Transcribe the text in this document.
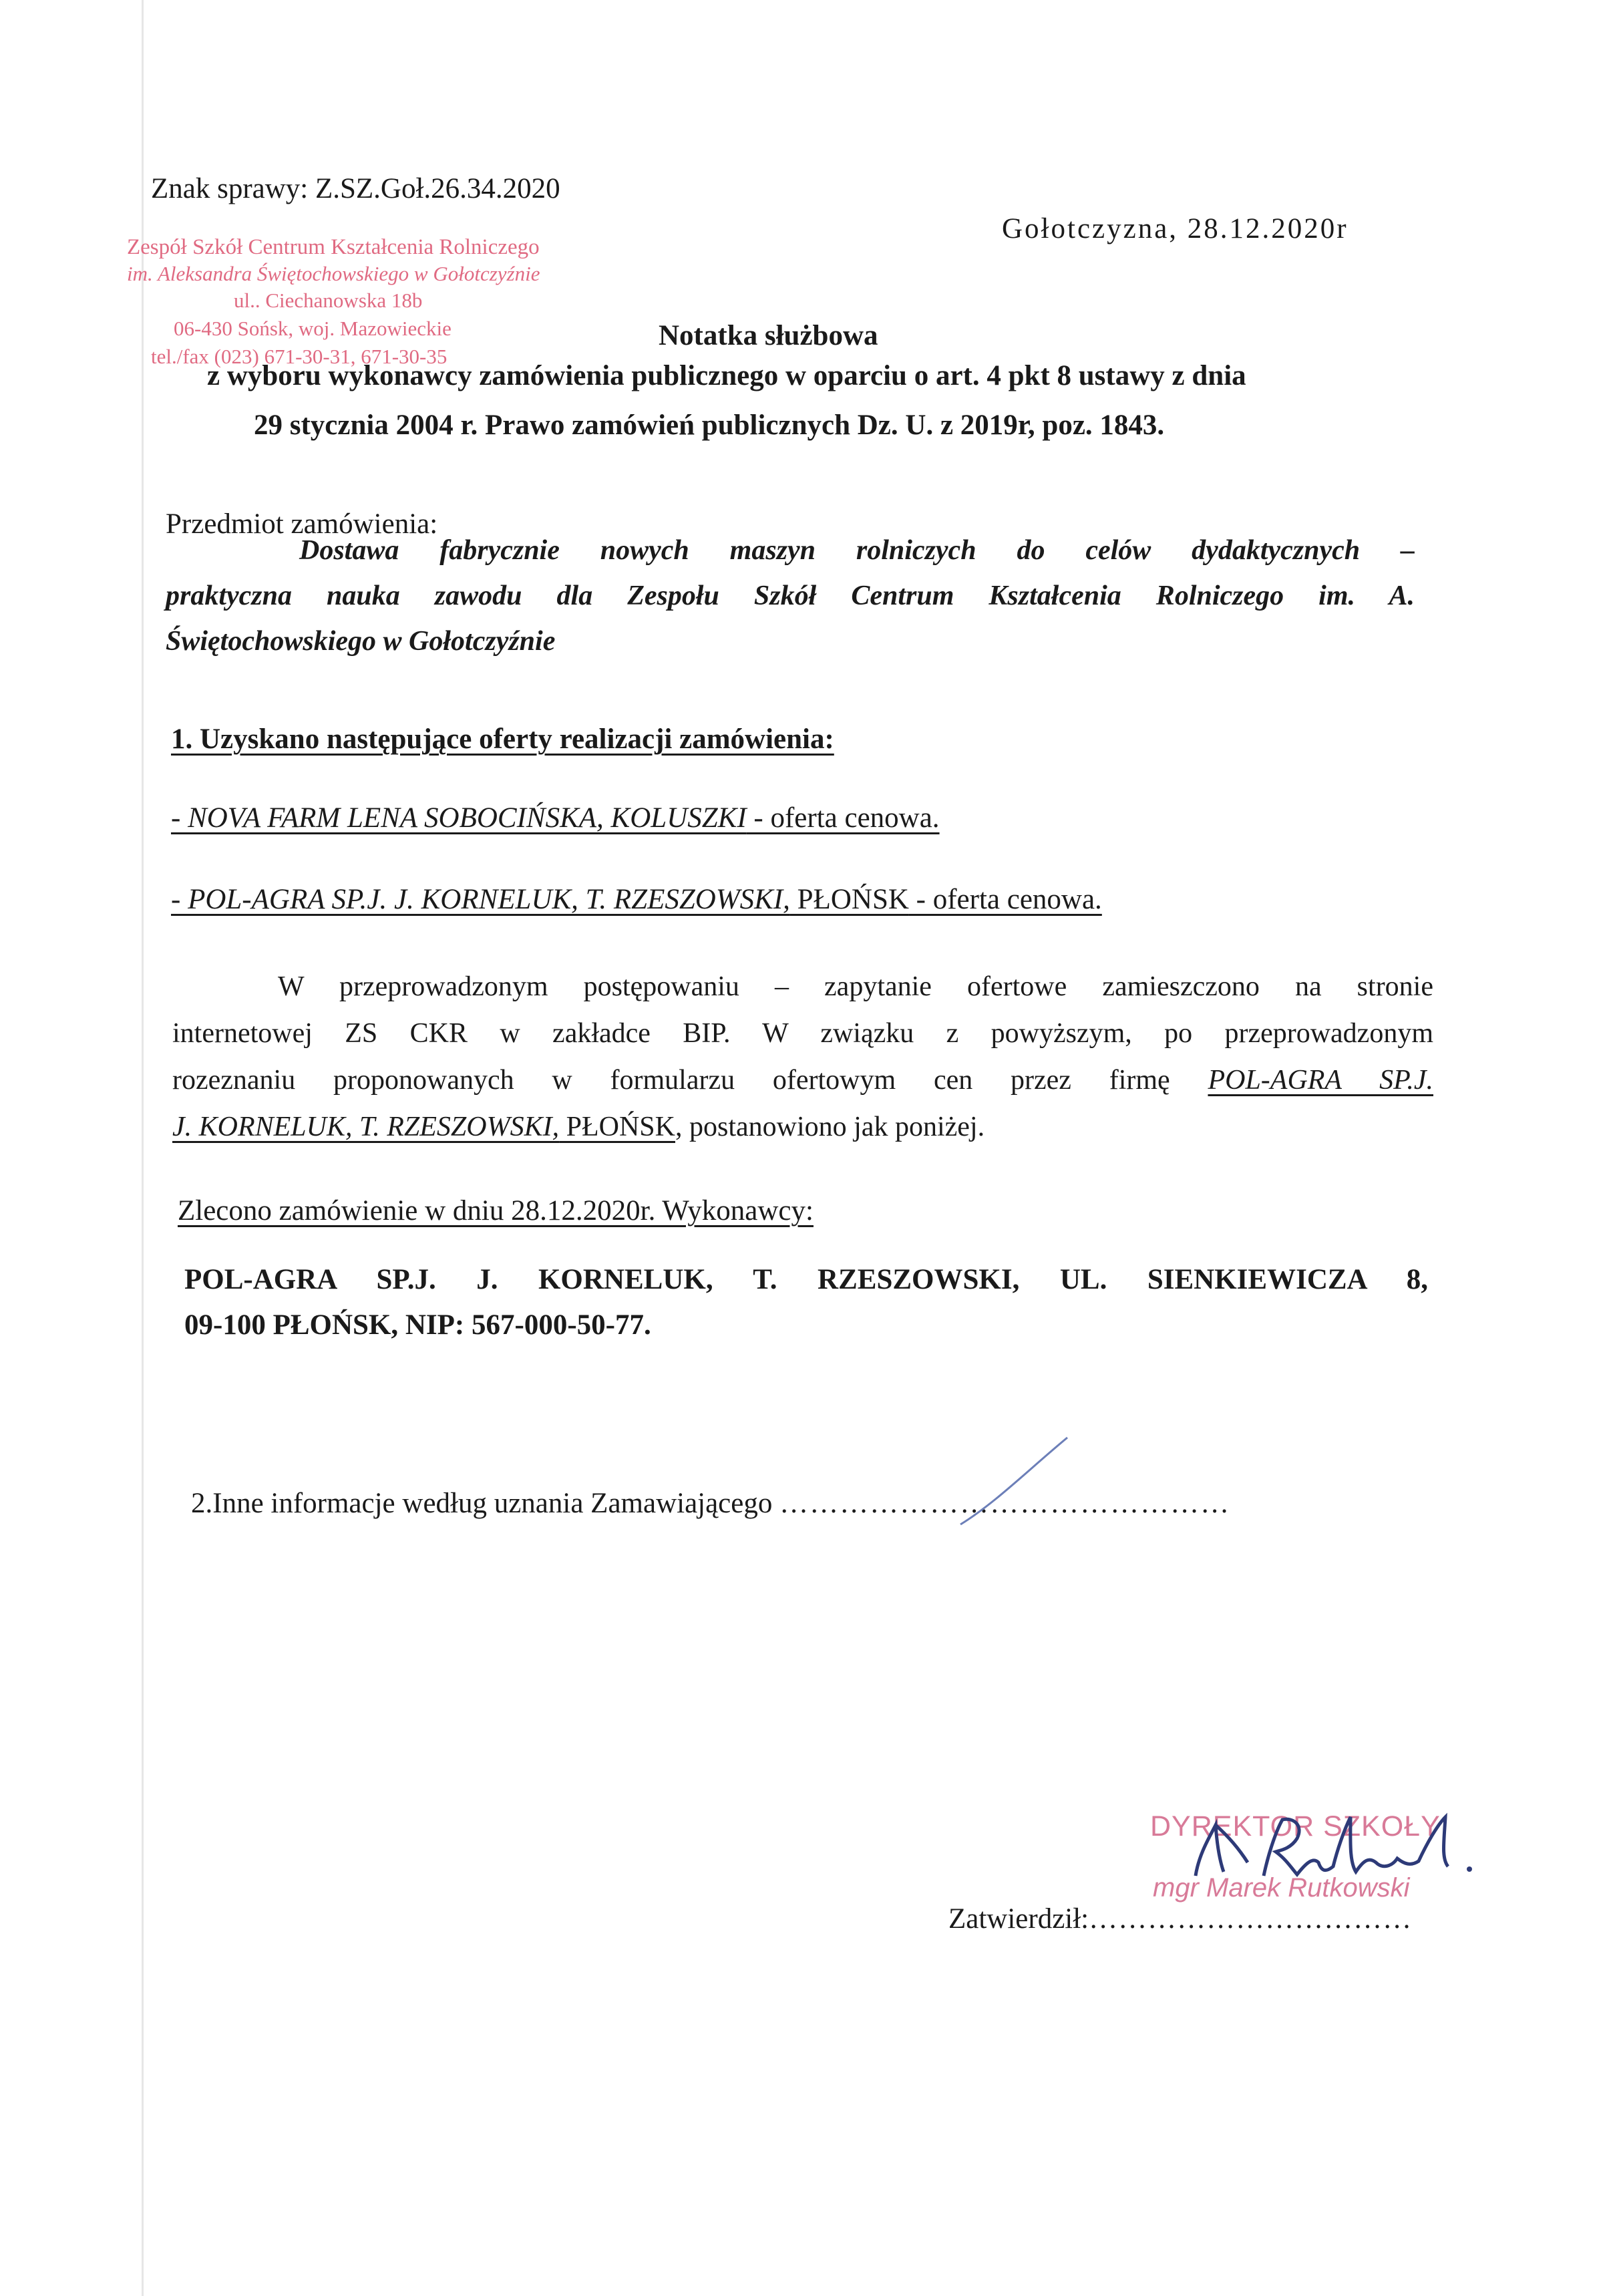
Znak sprawy: Z.SZ.Goł.26.34.2020
Gołotczyzna, 28.12.2020r
Zespół Szkół Centrum Kształcenia Rolniczego
im. Aleksandra Świętochowskiego w Gołotczyźnie
ul.. Ciechanowska 18b
06-430 Sońsk, woj. Mazowieckie
tel./fax (023) 671-30-31, 671-30-35
Notatka służbowa
z wyboru wykonawcy zamówienia publicznego w oparciu o art. 4 pkt 8 ustawy z dnia
29 stycznia 2004 r. Prawo zamówień publicznych Dz. U. z 2019r, poz. 1843.
Przedmiot zamówienia:
Dostawa fabrycznie nowych maszyn rolniczych do celów dydaktycznych –
praktyczna nauka zawodu dla Zespołu Szkół Centrum Kształcenia Rolniczego im. A.
Świętochowskiego w Gołotczyźnie
1. Uzyskano następujące oferty realizacji zamówienia:
- NOVA FARM LENA SOBOCIŃSKA, KOLUSZKI - oferta cenowa.
- POL-AGRA SP.J. J. KORNELUK, T. RZESZOWSKI, PŁOŃSK - oferta cenowa.
W przeprowadzonym postępowaniu – zapytanie ofertowe zamieszczono na stronie
internetowej ZS CKR w zakładce BIP. W związku z powyższym, po przeprowadzonym
rozeznaniu proponowanych w formularzu ofertowym cen przez firmę POL-AGRA SP.J.
J. KORNELUK, T. RZESZOWSKI, PŁOŃSK, postanowiono jak poniżej.
Zlecono zamówienie w dniu 28.12.2020r. Wykonawcy:
POL-AGRA SP.J. J. KORNELUK, T. RZESZOWSKI, UL. SIENKIEWICZA 8,
09-100 PŁOŃSK, NIP: 567-000-50-77.
2.Inne informacje według uznania Zamawiającego ………………………………………
DYREKTOR SZKOŁY
mgr Marek Rutkowski
Zatwierdził:……………………………
